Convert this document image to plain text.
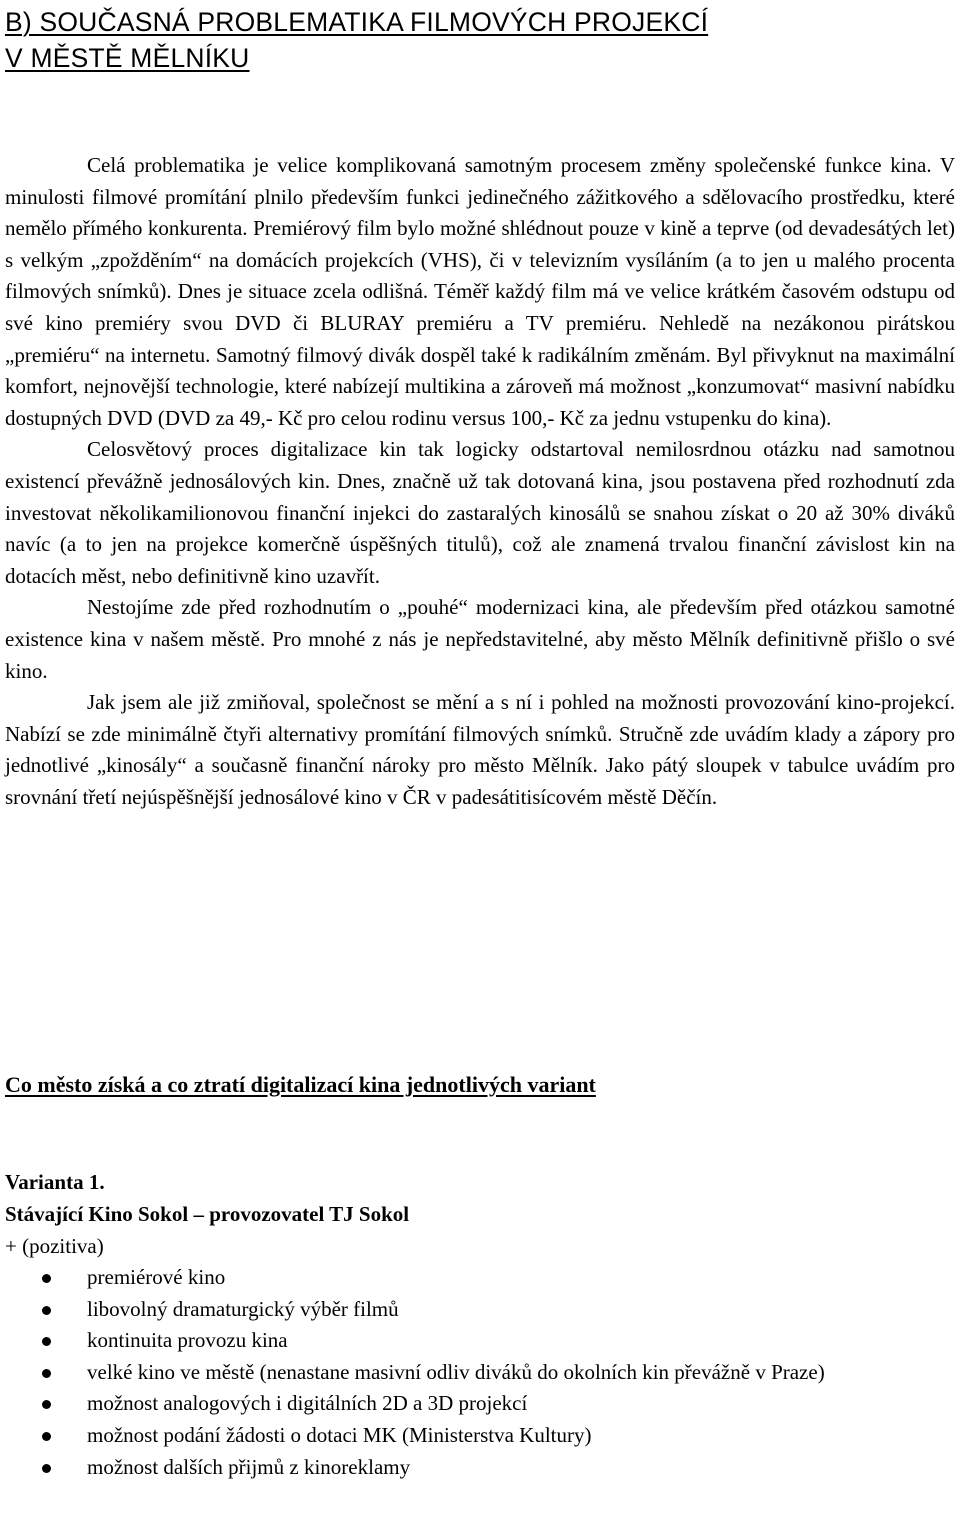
B) SOUČASNÁ PROBLEMATIKA FILMOVÝCH PROJEKCÍ
V MĚSTĚ MĚLNÍKU

Celá problematika je velice komplikovaná samotným procesem změny společenské funkce kina. V minulosti filmové promítání plnilo především funkci jedinečného zážitkového a sdělovacího prostředku, které nemělo přímého konkurenta. Premiérový film bylo možné shlédnout pouze v kině a teprve (od devadesátých let) s velkým „zpožděním“ na domácích projekcích (VHS), či v televizním vysíláním (a to jen u malého procenta filmových snímků). Dnes je situace zcela odlišná. Téměř každý film má ve velice krátkém časovém odstupu od své kino premiéry svou DVD či BLURAY premiéru a TV premiéru. Nehledě na nezákonou pirátskou „premiéru“ na internetu. Samotný filmový divák dospěl také k radikálním změnám. Byl přivyknut na maximální komfort, nejnovější technologie, které nabízejí multikina a zároveň má možnost „konzumovat“ masivní nabídku dostupných DVD (DVD za 49,- Kč pro celou rodinu versus 100,- Kč za jednu vstupenku do kina).

Celosvětový proces digitalizace kin tak logicky odstartoval nemilosrdnou otázku nad samotnou existencí převážně jednosálových kin. Dnes, značně už tak dotovaná kina, jsou postavena před rozhodnutí zda investovat několikamilionovou finanční injekci do zastaralých kinosálů se snahou získat o 20 až 30% diváků navíc (a to jen na projekce komerčně úspěšných titulů), což ale znamená trvalou finanční závislost kin na dotacích měst, nebo definitivně kino uzavřít.

Nestojíme zde před rozhodnutím o „pouhé“ modernizaci kina, ale především před otázkou samotné existence kina v našem městě. Pro mnohé z nás je nepředstavitelné, aby město Mělník definitivně přišlo o své kino.

Jak jsem ale již zmiňoval, společnost se mění a s ní i pohled na možnosti provozování kino-projekcí. Nabízí se zde minimálně čtyři alternativy promítání filmových snímků. Stručně zde uvádím klady a zápory pro jednotlivé „kinosály“ a současně finanční nároky pro město Mělník. Jako pátý sloupek v tabulce uvádím pro srovnání třetí nejúspěšnější jednosálové kino v ČR v padesátitisícovém městě Děčín.

Co město získá a co ztratí digitalizací kina jednotlivých variant

Varianta 1.

Stávající Kino Sokol – provozovatel TJ Sokol

+ (pozitiva)

premiérové kino
libovolný dramaturgický výběr filmů
kontinuita provozu kina
velké kino ve městě (nenastane masivní odliv diváků do okolních kin převážně v Praze)
možnost analogových i digitálních 2D a 3D projekcí
možnost podání žádosti o dotaci MK (Ministerstva Kultury)
možnost dalších přijmů z kinoreklamy
